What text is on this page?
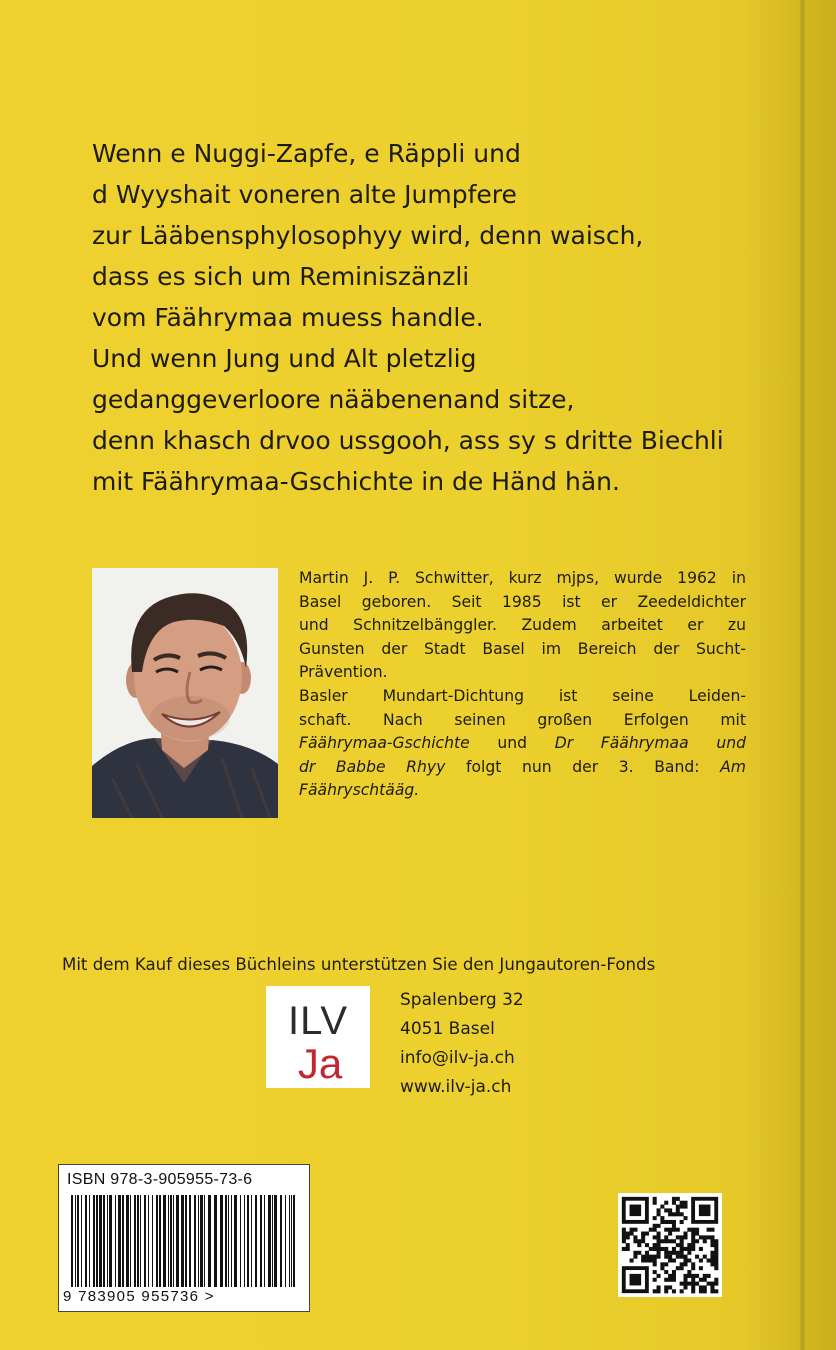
Wenn e Nuggi-Zapfe, e Räppli und
d Wyyshait voneren alte Jumpfere
zur Lääbensphylosophyy wird, denn waisch,
dass es sich um Reminiszänzli
vom Fäährymaa muess handle.
Und wenn Jung und Alt pletzlig
gedanggeverloore nääbenenand sitze,
denn khasch drvoo ussgooh, ass sy s dritte Biechli
mit Fäährymaa-Gschichte in de Händ hän.
Martin J. P. Schwitter, kurz mjps, wurde 1962 in
Basel geboren. Seit 1985 ist er Zeedeldichter
und Schnitzelbänggler. Zudem arbeitet er zu
Gunsten der Stadt Basel im Bereich der Sucht-
Prävention.
Basler Mundart-Dichtung ist seine Leiden-
schaft. Nach seinen großen Erfolgen mit
Fäährymaa-Gschichte und Dr Fäährymaa und
dr Babbe Rhyy folgt nun der 3. Band: Am
Fäähryschtääg.
Mit dem Kauf dieses Büchleins unterstützen Sie den Jungautoren-Fonds
ILV
Ja
Spalenberg 32
4051 Basel
info@ilv-ja.ch
www.ilv-ja.ch
ISBN 978-3-905955-73-6
9 783905 955736 >
